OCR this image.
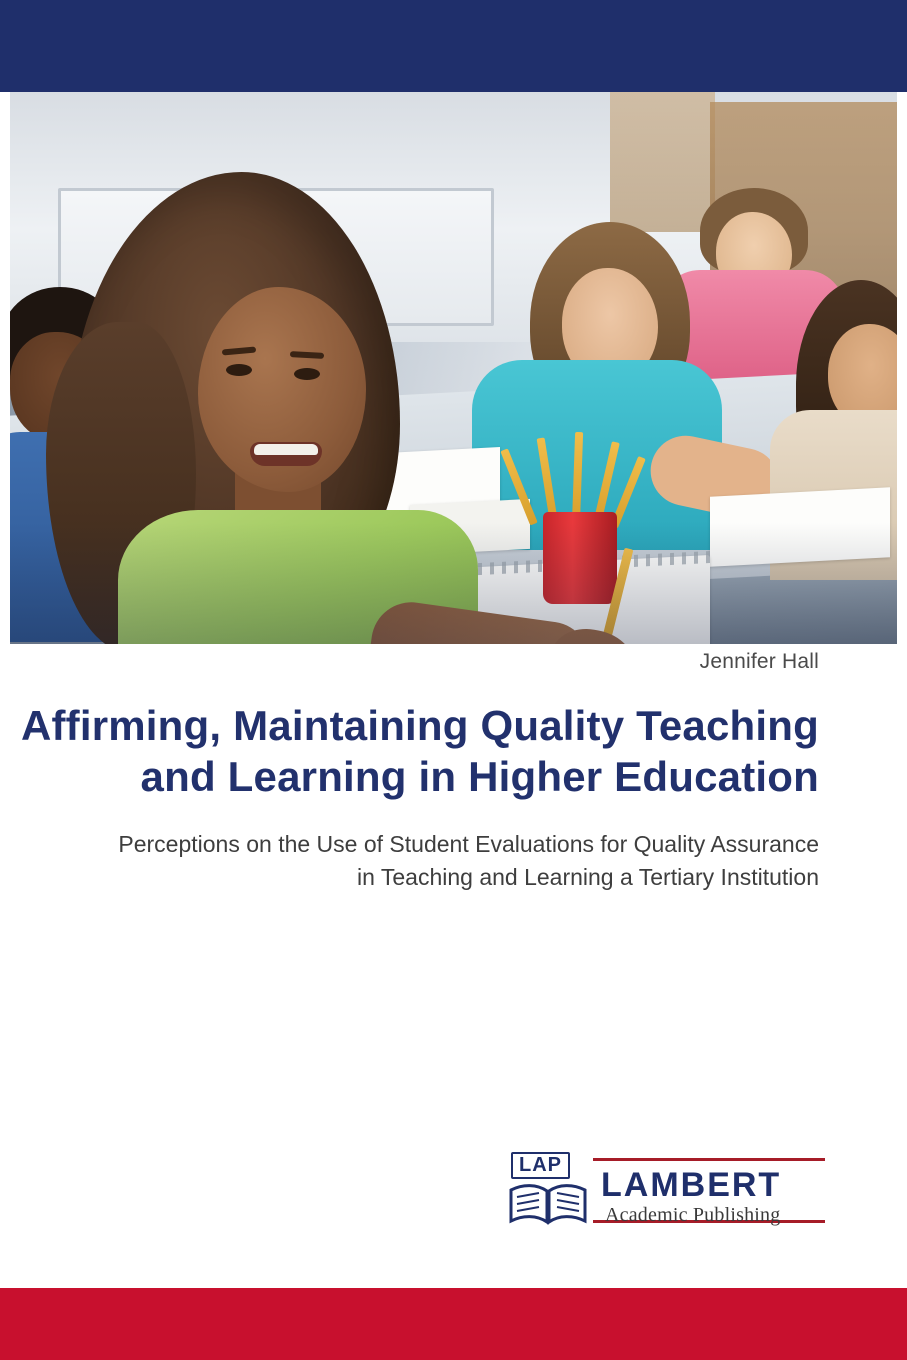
Jennifer Hall
Affirming, Maintaining Quality Teaching and Learning in Higher Education
Perceptions on the Use of Student Evaluations for Quality Assurance in Teaching and Learning a Tertiary Institution
LAP
LAMBERT
Academic Publishing
